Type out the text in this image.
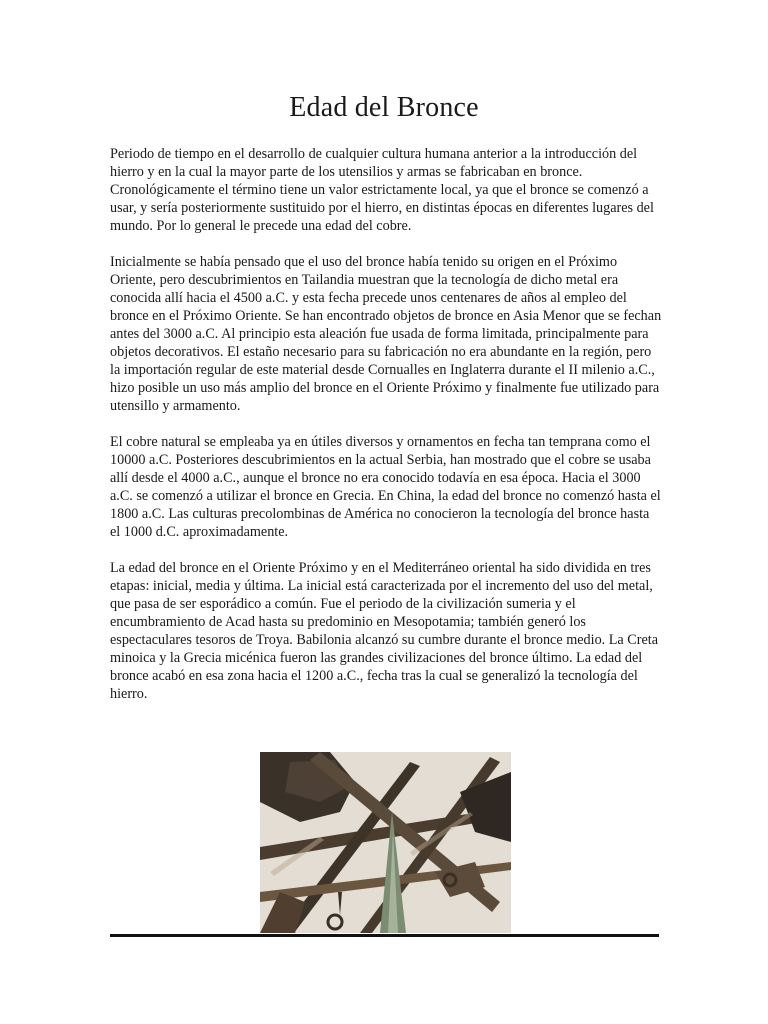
Edad del Bronce

Periodo de tiempo en el desarrollo de cualquier cultura humana anterior a la introducción del hierro y en la cual la mayor parte de los utensilios y armas se fabricaban en bronce. Cronológicamente el término tiene un valor estrictamente local, ya que el bronce se comenzó a usar, y sería posteriormente sustituido por el hierro, en distintas épocas en diferentes lugares del mundo. Por lo general le precede una edad del cobre.

Inicialmente se había pensado que el uso del bronce había tenido su origen en el Próximo Oriente, pero descubrimientos en Tailandia muestran que la tecnología de dicho metal era conocida allí hacia el 4500 a.C. y esta fecha precede unos centenares de años al empleo del bronce en el Próximo Oriente. Se han encontrado objetos de bronce en Asia Menor que se fechan antes del 3000 a.C. Al principio esta aleación fue usada de forma limitada, principalmente para objetos decorativos. El estaño necesario para su fabricación no era abundante en la región, pero la importación regular de este material desde Cornualles en Inglaterra durante el II milenio a.C., hizo posible un uso más amplio del bronce en el Oriente Próximo y finalmente fue utilizado para utensillo y armamento.

El cobre natural se empleaba ya en útiles diversos y ornamentos en fecha tan temprana como el 10000 a.C. Posteriores descubrimientos en la actual Serbia, han mostrado que el cobre se usaba allí desde el 4000 a.C., aunque el bronce no era conocido todavía en esa época. Hacia el 3000 a.C. se comenzó a utilizar el bronce en Grecia. En China, la edad del bronce no comenzó hasta el 1800 a.C. Las culturas precolombinas de América no conocieron la tecnología del bronce hasta el 1000 d.C. aproximadamente.

La edad del bronce en el Oriente Próximo y en el Mediterráneo oriental ha sido dividida en tres etapas: inicial, media y última. La inicial está caracterizada por el incremento del uso del metal, que pasa de ser esporádico a común. Fue el periodo de la civilización sumeria y el encumbramiento de Acad hasta su predominio en Mesopotamia; también generó los espectaculares tesoros de Troya. Babilonia alcanzó su cumbre durante el bronce medio. La Creta minoica y la Grecia micénica fueron las grandes civilizaciones del bronce último. La edad del bronce acabó en esa zona hacia el 1200 a.C., fecha tras la cual se generalizó la tecnología del hierro.
